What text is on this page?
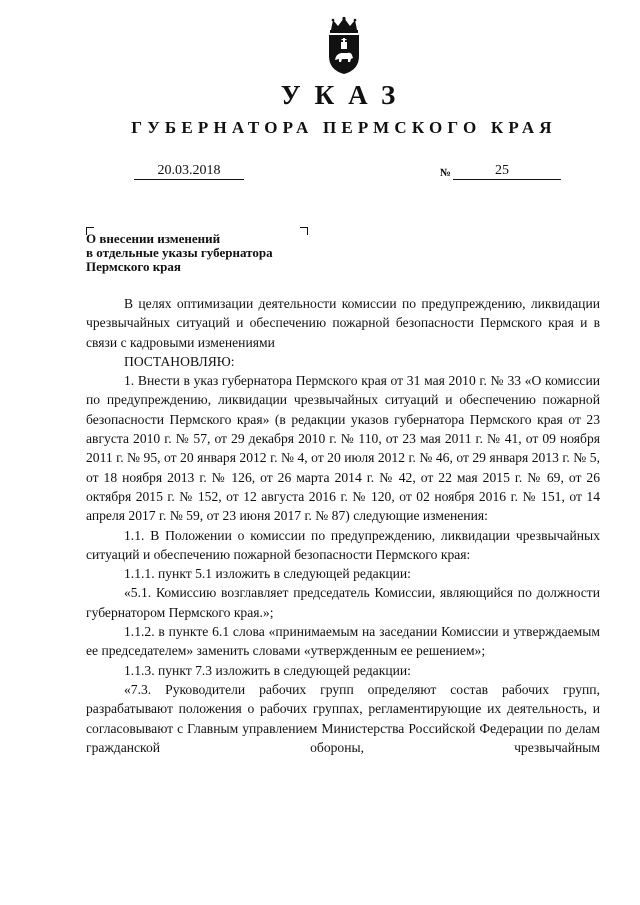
УКАЗ
ГУБЕРНАТОРА ПЕРМСКОГО КРАЯ
20.03.2018	№	25
О внесении изменений
в отдельные указы губернатора
Пермского края

В целях оптимизации деятельности комиссии по предупреждению, ликвидации чрезвычайных ситуаций и обеспечению пожарной безопасности Пермского края и в связи с кадровыми изменениями

ПОСТАНОВЛЯЮ:

1. Внести в указ губернатора Пермского края от 31 мая 2010 г. № 33 «О комиссии по предупреждению, ликвидации чрезвычайных ситуаций и обеспечению пожарной безопасности Пермского края» (в редакции указов губернатора Пермского края от 23 августа 2010 г. № 57, от 29 декабря 2010 г. № 110, от 23 мая 2011 г. № 41, от 09 ноября 2011 г. № 95, от 20 января 2012 г. № 4, от 20 июля 2012 г. № 46, от 29 января 2013 г. № 5, от 18 ноября 2013 г. № 126, от 26 марта 2014 г. № 42, от 22 мая 2015 г. № 69, от 26 октября 2015 г. № 152, от 12 августа 2016 г. № 120, от 02 ноября 2016 г. № 151, от 14 апреля 2017 г. № 59, от 23 июня 2017 г. № 87) следующие изменения:

1.1. В Положении о комиссии по предупреждению, ликвидации чрезвычайных ситуаций и обеспечению пожарной безопасности Пермского края:

1.1.1. пункт 5.1 изложить в следующей редакции:

«5.1. Комиссию возглавляет председатель Комиссии, являющийся по должности губернатором Пермского края.»;

1.1.2. в пункте 6.1 слова «принимаемым на заседании Комиссии и утверждаемым ее председателем» заменить словами «утвержденным ее решением»;

1.1.3. пункт 7.3 изложить в следующей редакции:

«7.3. Руководители рабочих групп определяют состав рабочих групп, разрабатывают положения о рабочих группах, регламентирующие их деятельность, и согласовывают с Главным управлением Министерства Российской Федерации по делам гражданской обороны, чрезвычайным
